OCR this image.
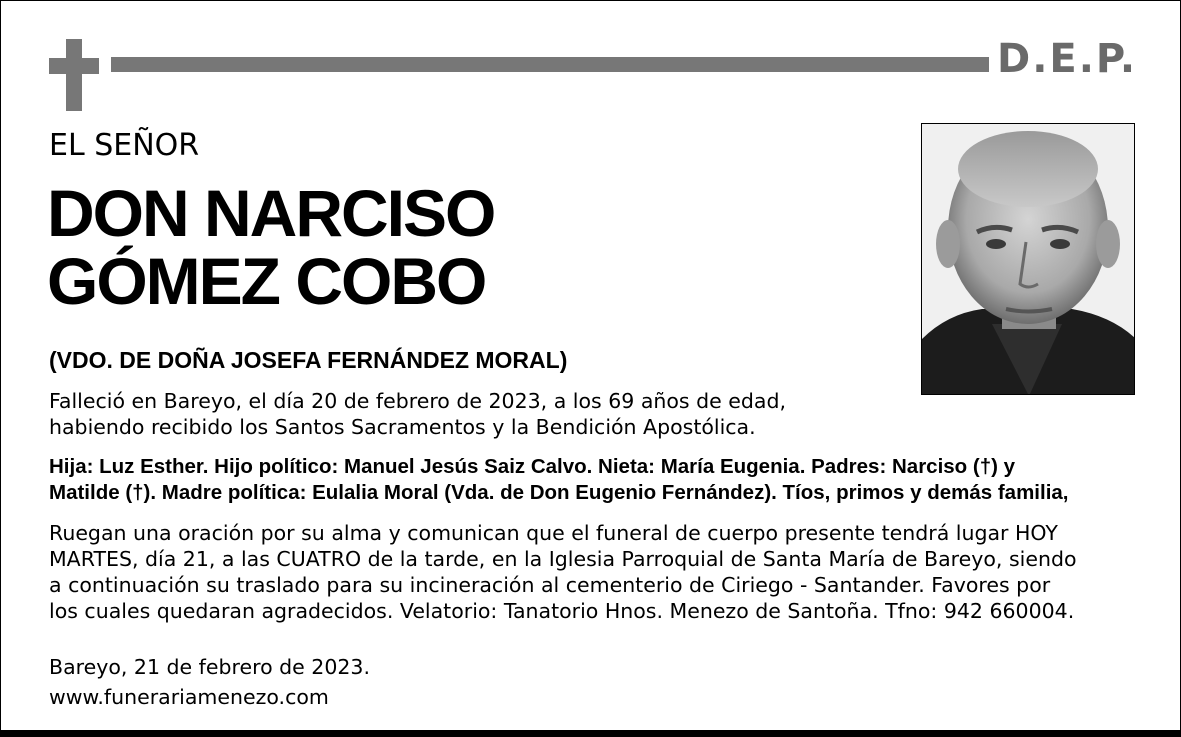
D.E.P.
EL SEÑOR
DON NARCISO
GÓMEZ COBO
(VDO. DE DOÑA JOSEFA FERNÁNDEZ MORAL)
Falleció en Bareyo, el día 20 de febrero de 2023, a los 69 años de edad,
habiendo recibido los Santos Sacramentos y la Bendición Apostólica.
Hija: Luz Esther. Hijo político: Manuel Jesús Saiz Calvo. Nieta: María Eugenia. Padres: Narciso (†) y
Matilde (†). Madre política: Eulalia Moral (Vda. de Don Eugenio Fernández). Tíos, primos y demás familia,
Ruegan una oración por su alma y comunican que el funeral de cuerpo presente tendrá lugar HOY
MARTES, día 21, a las CUATRO de la tarde, en la Iglesia Parroquial de Santa María de Bareyo, siendo
a continuación su traslado para su incineración al cementerio de Ciriego - Santander. Favores por
los cuales quedaran agradecidos. Velatorio: Tanatorio Hnos. Menezo de Santoña. Tfno: 942 660004.
Bareyo, 21 de febrero de 2023.
www.funerariamenezo.com
